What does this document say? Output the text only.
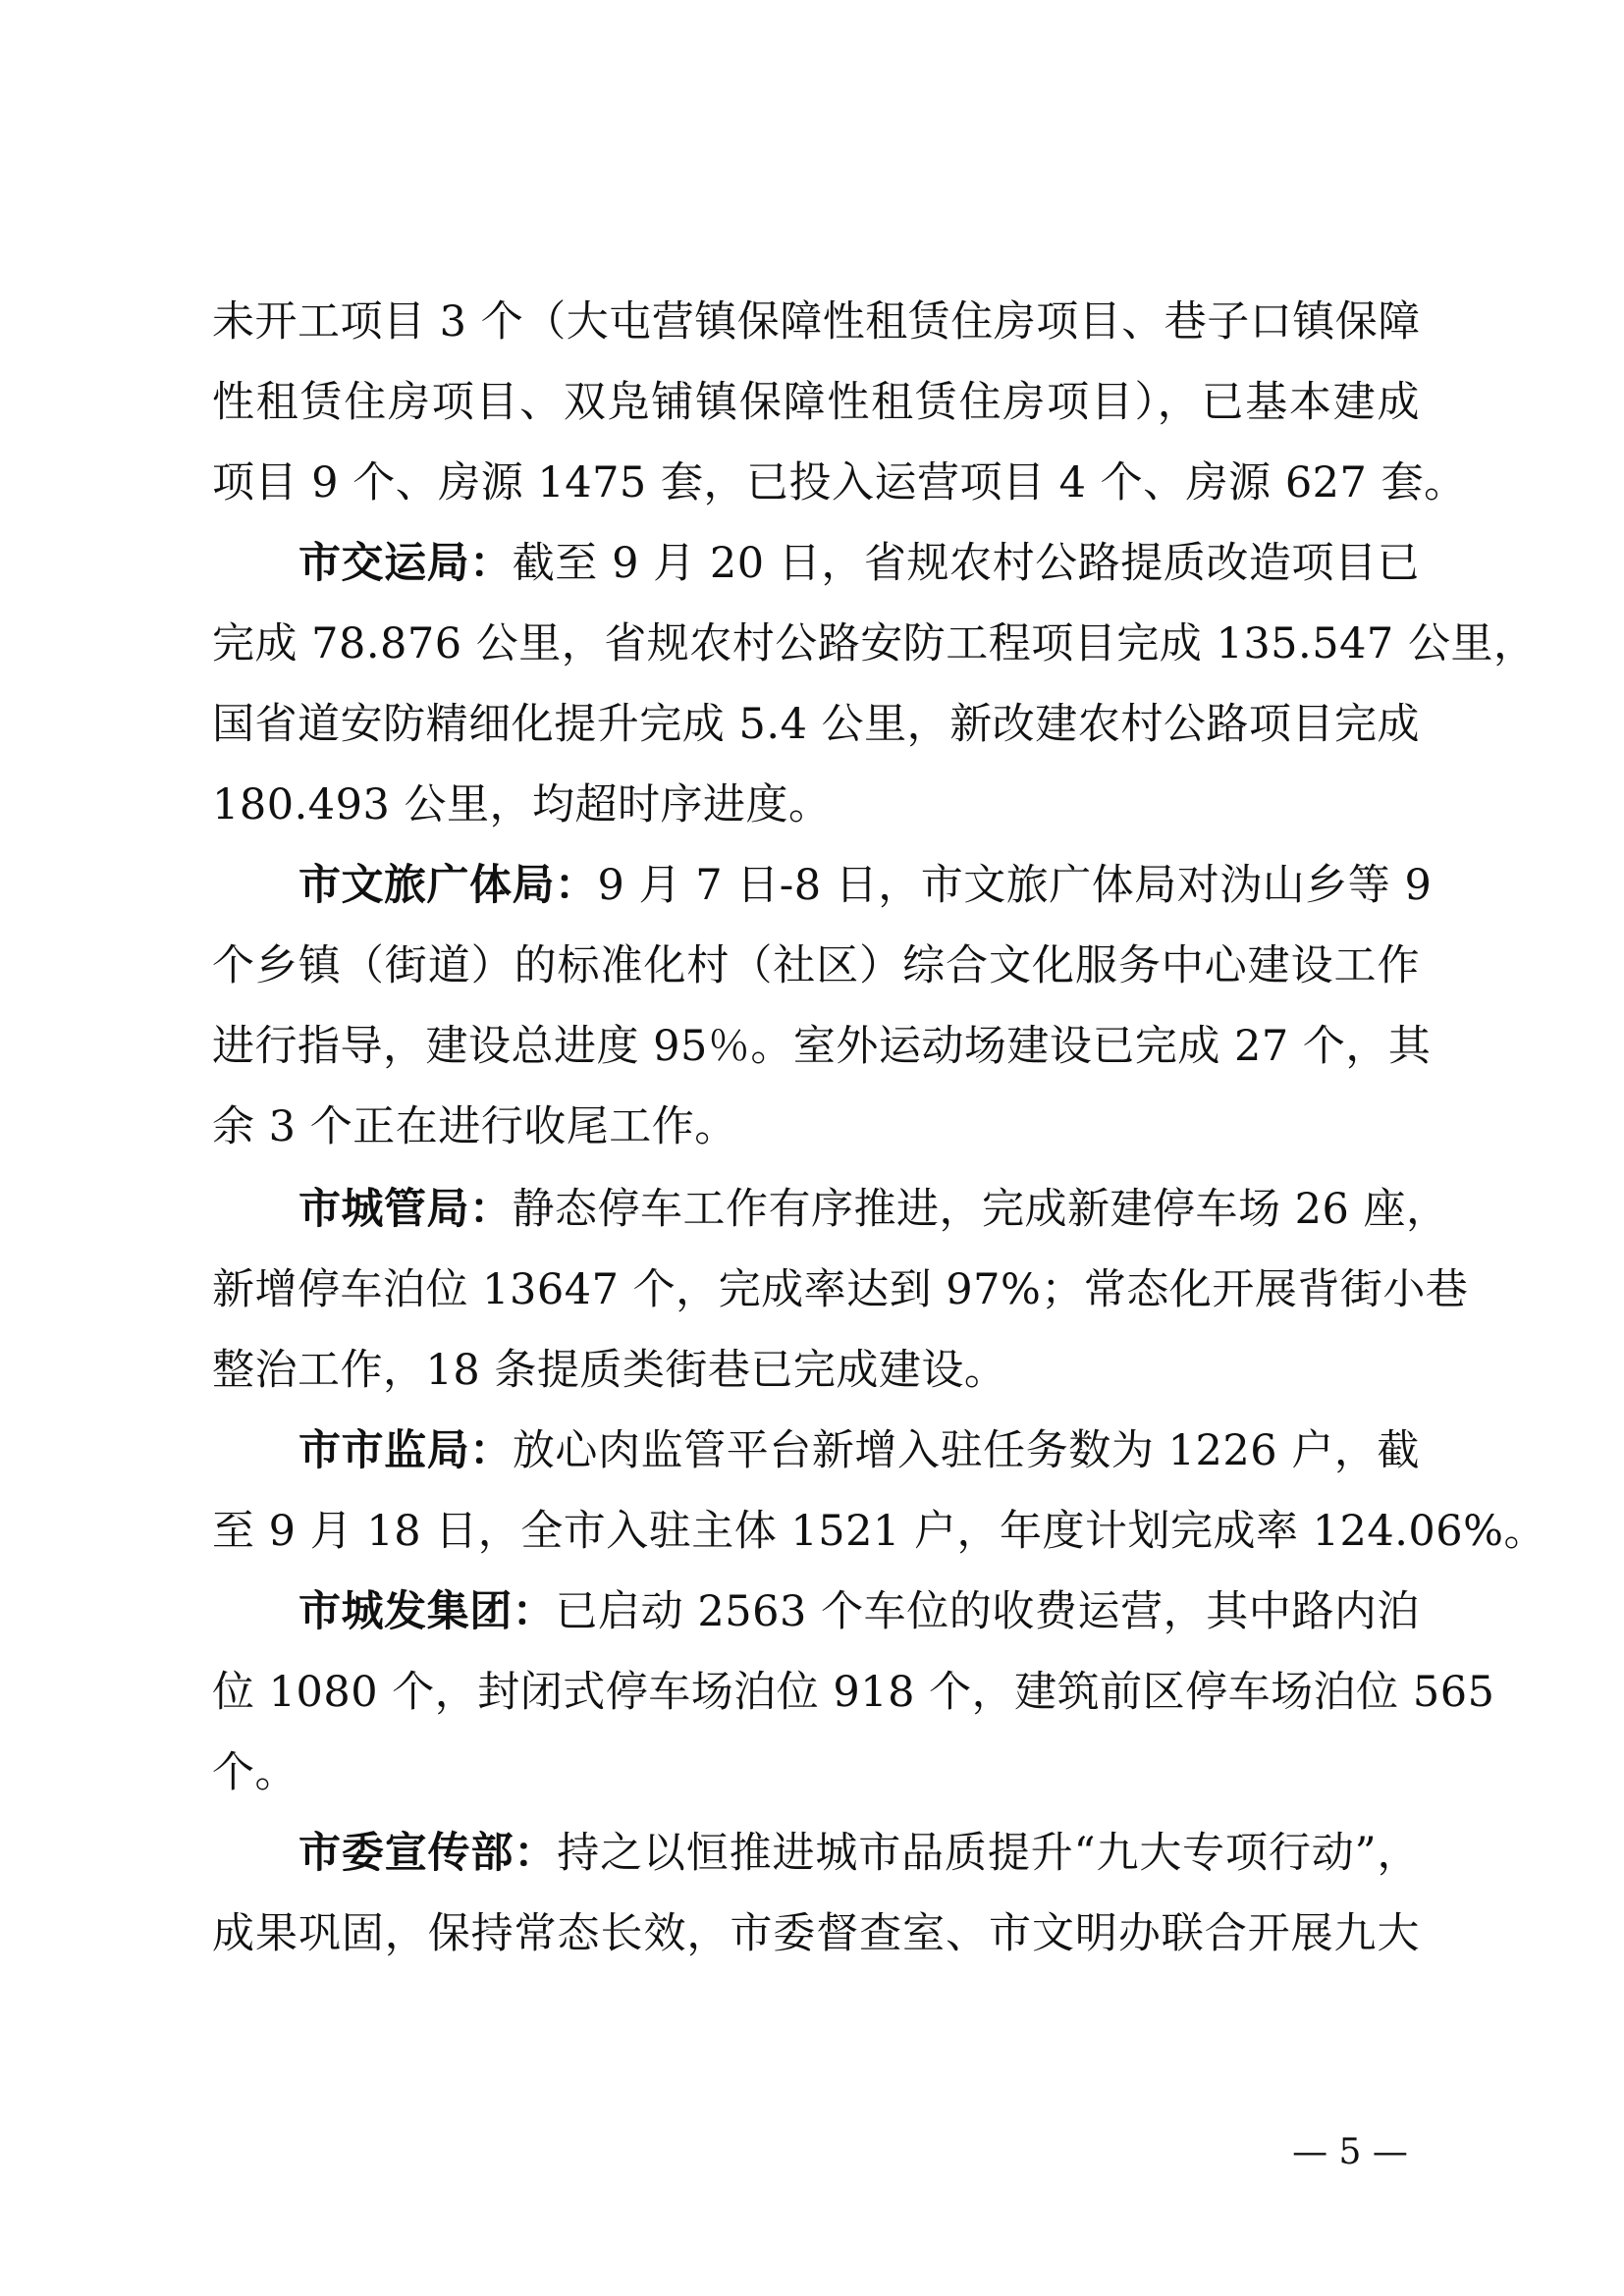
未开工项目 3 个（大屯营镇保障性租赁住房项目、巷子口镇保障
性租赁住房项目、双凫铺镇保障性租赁住房项目），已基本建成
项目 9 个、房源 1475 套，已投入运营项目 4 个、房源 627 套。
市交运局：截至 9 月 20 日，省规农村公路提质改造项目已
完成 78.876 公里，省规农村公路安防工程项目完成 135.547 公里，
国省道安防精细化提升完成 5.4 公里，新改建农村公路项目完成
180.493 公里，均超时序进度。
市文旅广体局：9 月 7 日-8 日，市文旅广体局对沩山乡等 9
个乡镇（街道）的标准化村（社区）综合文化服务中心建设工作
进行指导，建设总进度 95％。室外运动场建设已完成 27 个，其
余 3 个正在进行收尾工作。
市城管局：静态停车工作有序推进，完成新建停车场 26 座，
新增停车泊位 13647 个，完成率达到 97%；常态化开展背街小巷
整治工作，18 条提质类街巷已完成建设。
市市监局：放心肉监管平台新增入驻任务数为 1226 户，截
至 9 月 18 日，全市入驻主体 1521 户，年度计划完成率 124.06%。
市城发集团：已启动 2563 个车位的收费运营，其中路内泊
位 1080 个，封闭式停车场泊位 918 个，建筑前区停车场泊位 565
个。
市委宣传部：持之以恒推进城市品质提升“九大专项行动”，
成果巩固，保持常态长效，市委督查室、市文明办联合开展九大
— 5 —
